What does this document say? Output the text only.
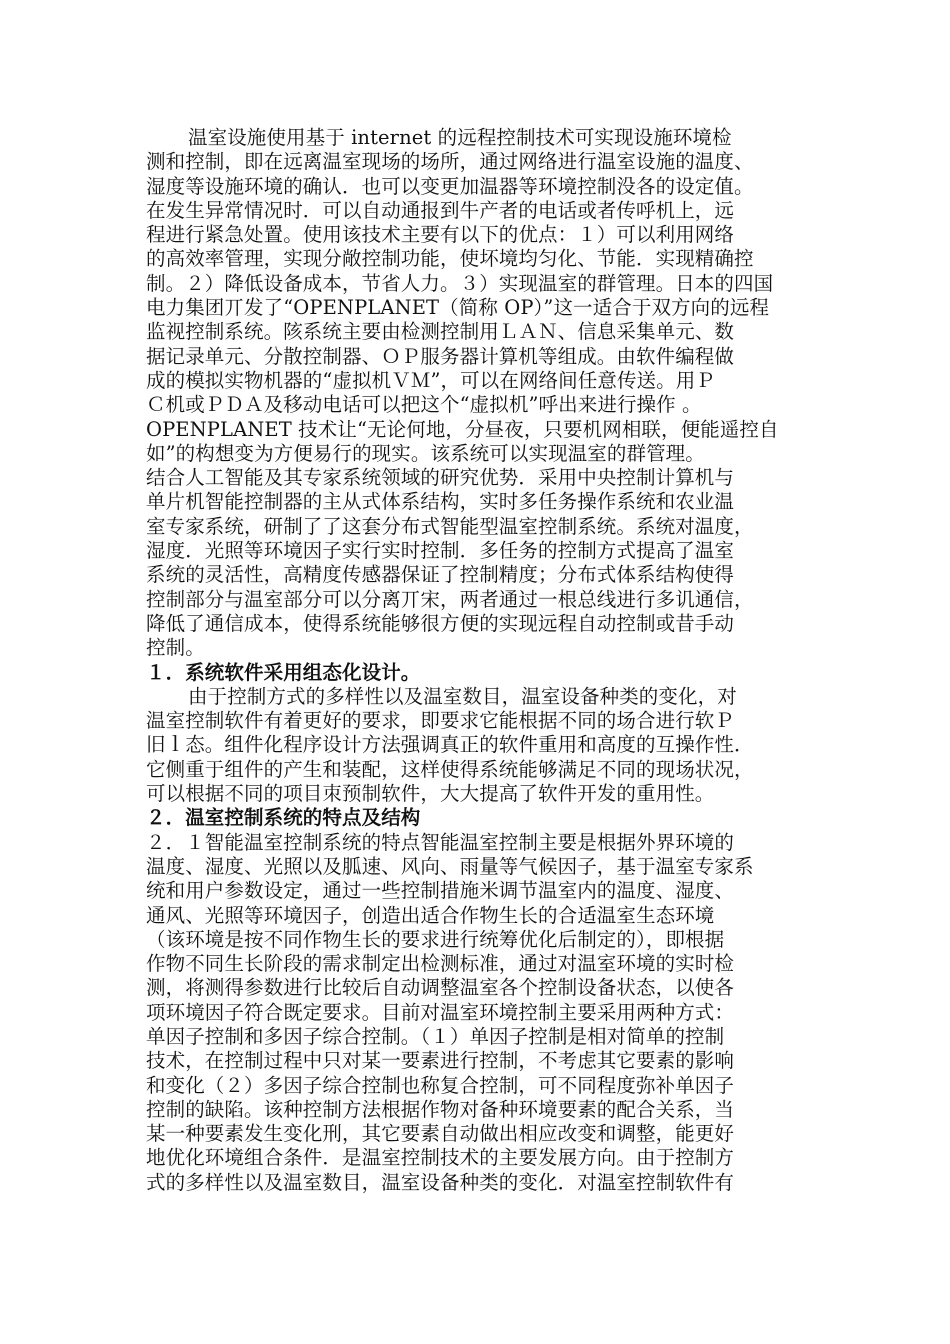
温室设施使用基于 internet 的远程控制技术可实现设施环境检
测和控制，即在远离温室现场的场所，通过网络进行温室设施的温度、
湿度等设施环境的确认．也可以变更加温器等环境控制没各的设定值。
在发生异常情况时．可以自动通报到牛产者的电话或者传呼机上，远
程进行紧急处置。使用该技术主要有以下的优点：１）可以利用网络
的高效率管理，实现分敞控制功能，使坏境均匀化、节能．实现精确控
制。２）降低设备成本，节省人力。３）实现温室的群管理。日本的四国
电力集团丌发了“OPENPLANET（简称 OP）”这一适合于双方向的远程
监视控制系统。陔系统主要由检测控制用ＬＡＮ、信息采集单元、数
据记录单元、分散控制器、ＯＰ服务器计算机等组成。由软件编程做
成的模拟实物机器的“虚拟机ＶＭ”，可以在网络间任意传送。用Ｐ
Ｃ机或ＰＤＡ及移动电话可以把这个“虚拟机”呼出来进行操作 。
OPENPLANET 技术让“无论何地，分昼夜，只要机网相联，便能遥控自
如”的构想变为方便易行的现实。该系统可以实现温室的群管理。
结合人工智能及其专家系统领域的研究优势．采用中央控制计算机与
单片机智能控制器的主从式体系结构，实时多任务操作系统和农业温
室专家系统，研制了了这套分布式智能型温室控制系统。系统对温度，
湿度．光照等环境因子实行实时控制．多任务的控制方式提高了温室
系统的灵活性，高精度传感器保证了控制精度；分布式体系结构使得
控制部分与温室部分可以分离丌宋，两者通过一根总线进行多讥通信，
降低了通信成本，使得系统能够很方便的实现远程自动控制或昔手动
控制。
１．系统软件采用组态化设计。
由于控制方式的多样性以及温室数目，温室设备种类的变化，对
温室控制软件有着更好的要求，即要求它能根据不同的场合进行软Ｐ
旧ｌ态。组件化程序设计方法强调真正的软件重用和高度的互操作性．
它侧重于组件的产生和装配，这样使得系统能够满足不同的现场状况，
可以根据不同的项目朿预制软件，大大提高了软件开发的重用性。
２．温室控制系统的特点及结构
２．１智能温室控制系统的特点智能温室控制主要是根据外界环境的
温度、湿度、光照以及胍速、风向、雨量等气候因子，基于温室专家系
统和用户参数设定，通过一些控制措施米调节温室内的温度、湿度、
通风、光照等环境因子，创造出适合作物生长的合适温室生态环境
（该环境是按不同作物生长的要求进行统筹优化后制定的），即根据
作物不同生长阶段的需求制定出检测标准，通过对温室环境的实时检
测，将测得参数进行比较后自动调整温室各个控制设备状态，以使各
项环境因子符合既定要求。目前对温室环境控制主要采用两种方式：
单因子控制和多因子综合控制。（１）单因子控制是相对简单的控制
技术，在控制过程中只对某一要素进行控制，不考虑其它要素的影响
和变化（２）多因子综合控制也称复合控制，可不同程度弥补单因子
控制的缺陷。该种控制方法根据作物对备种环境要素的配合关系，当
某一种要素发生变化刑，其它要素自动做出相应改变和调整，能更好
地优化环境组合条件．是温室控制技术的主要发展方向。由于控制方
式的多样性以及温室数目，温室设备种类的变化．对温室控制软件有
